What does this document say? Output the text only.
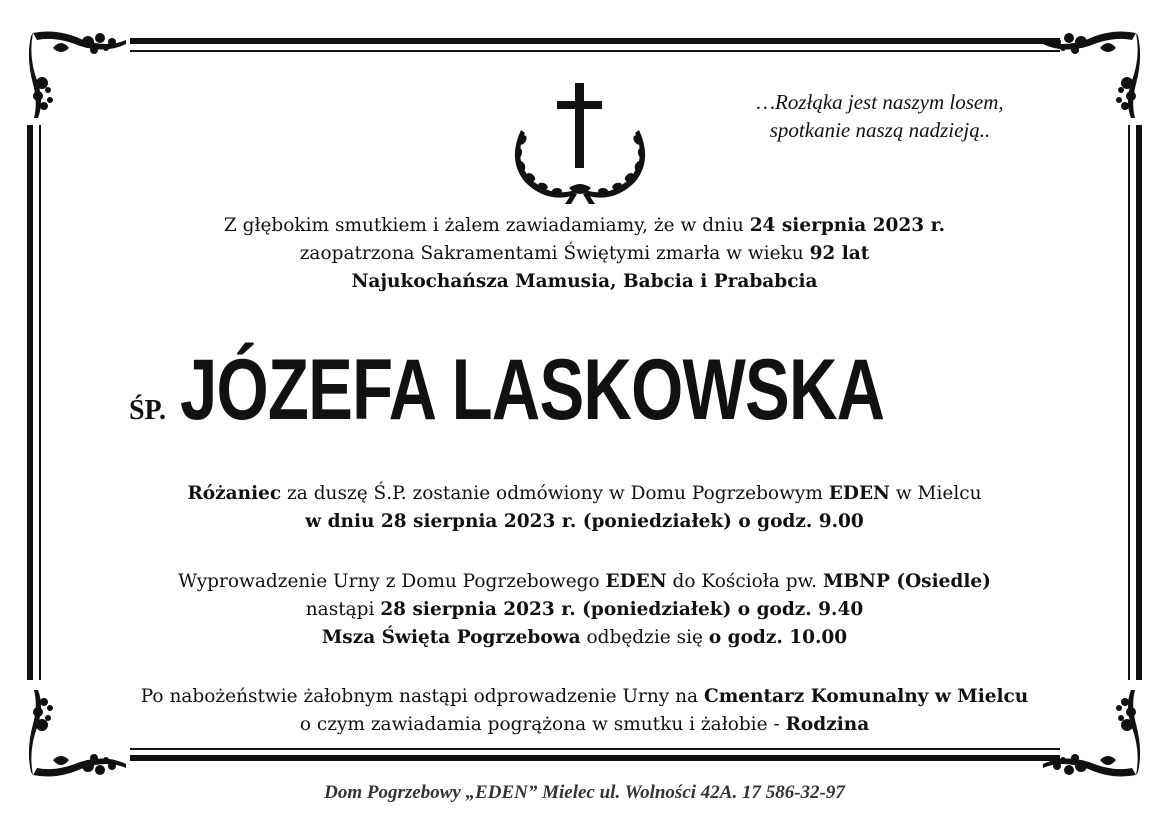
…Rozłąka jest naszym losem,
spotkanie naszą nadzieją..
Z głębokim smutkiem i żalem zawiadamiamy, że w dniu 24 sierpnia 2023 r.
zaopatrzona Sakramentami Świętymi zmarła w wieku 92 lat
Najukochańsza Mamusia, Babcia i Prababcia
ŚP. JÓZEFA LASKOWSKA
Różaniec za duszę Ś.P. zostanie odmówiony w Domu Pogrzebowym EDEN w Mielcu
w dniu 28 sierpnia 2023 r. (poniedziałek) o godz. 9.00
Wyprowadzenie Urny z Domu Pogrzebowego EDEN do Kościoła pw. MBNP (Osiedle)
nastąpi 28 sierpnia 2023 r. (poniedziałek) o godz. 9.40
Msza Święta Pogrzebowa odbędzie się o godz. 10.00
Po nabożeństwie żałobnym nastąpi odprowadzenie Urny na Cmentarz Komunalny w Mielcu
o czym zawiadamia pogrążona w smutku i żałobie - Rodzina
Dom Pogrzebowy „EDEN” Mielec ul. Wolności 42A. 17 586-32-97
